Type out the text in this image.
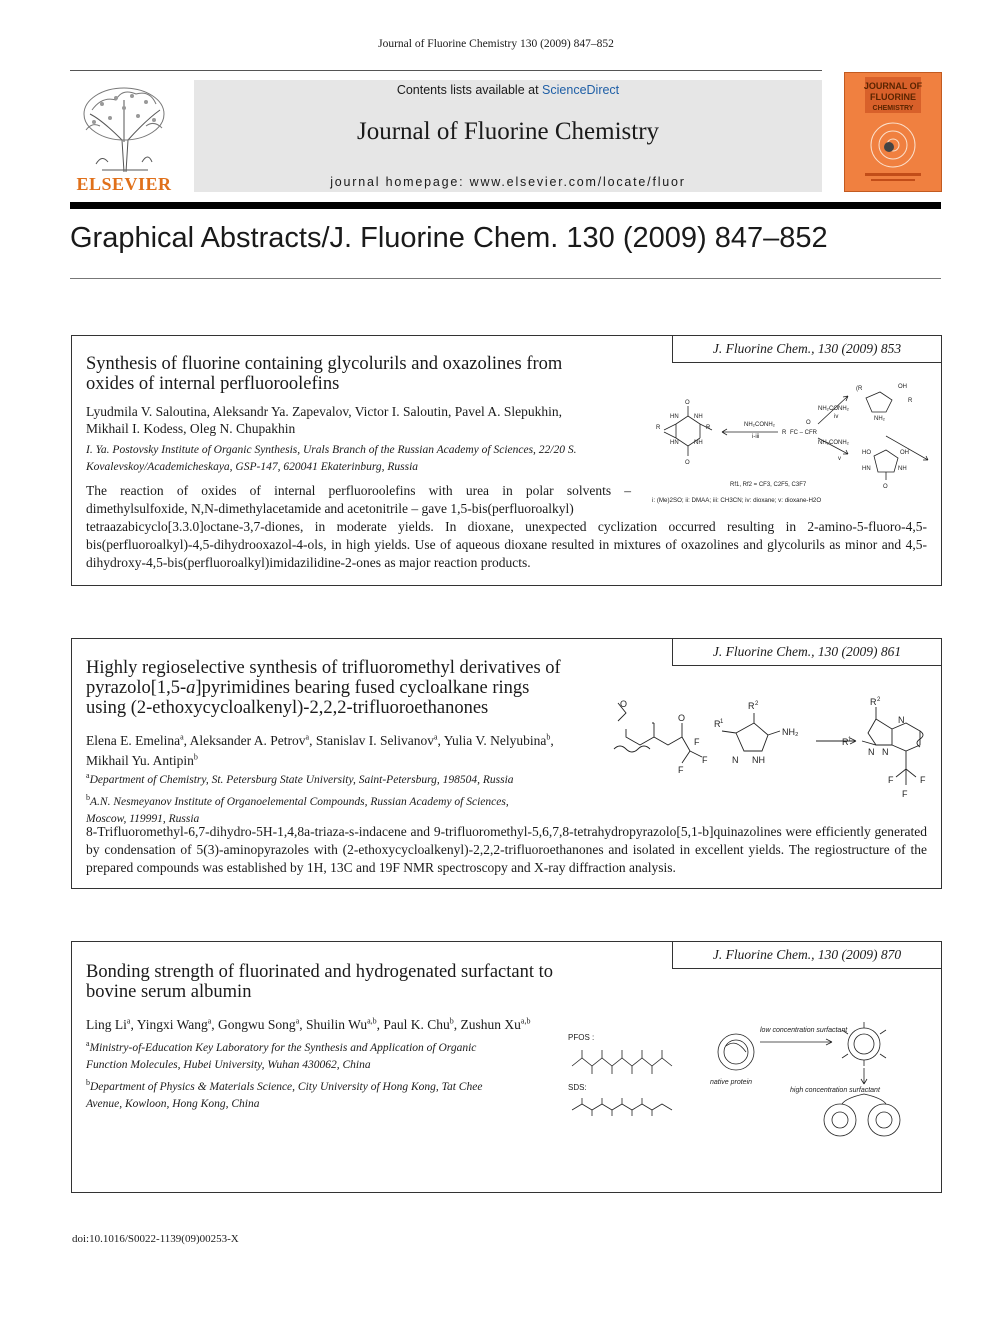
Journal of Fluorine Chemistry 130 (2009) 847–852
ELSEVIER
Contents lists available at ScienceDirect
Journal of Fluorine Chemistry
journal homepage: www.elsevier.com/locate/fluor
JOURNAL OF
FLUORINE
CHEMISTRY
Graphical Abstracts/J. Fluorine Chem. 130 (2009) 847–852
J. Fluorine Chem., 130 (2009) 853
Synthesis of fluorine containing glycolurils and oxazolines from
oxides of internal perfluoroolefins
Lyudmila V. Saloutina, Aleksandr Ya. Zapevalov, Victor I. Saloutin, Pavel A. Slepukhin,
Mikhail I. Kodess, Oleg N. Chupakhin
I. Ya. Postovsky Institute of Organic Synthesis, Urals Branch of the Russian Academy of Sciences, 22/20 S.
Kovalevskoy/Academicheskaya, GSP-147, 620041 Ekaterinburg, Russia
The reaction of oxides of internal perfluoroolefins with urea in polar solvents –
dimethylsulfoxide, N,N-dimethylacetamide and acetonitrile – gave 1,5-bis(perfluoroalkyl)
tetraazabicyclo[3.3.0]octane-3,7-diones, in moderate yields. In dioxane, unexpected cyclization occurred resulting in 2-amino-5-fluoro-4,5-bis(perfluoroalkyl)-4,5-dihydrooxazol-4-ols, in high yields. Use of aqueous dioxane resulted in mixtures of oxazolines and glycolurils as minor and 4,5-dihydroxy-4,5-bis(perfluoroalkyl)imidazilidine-2-ones as major reaction products.
R	R
HN	NH
HN	NH
O
O
NH₂CONH₂
i-iii
R FC – CFR
O
NH₂CONH₂
iv
NH₂CONH₂
v
(R	OH
R
NH₂
HO	OH
HN	NH
O
Rf1, Rf2 = CF3, C2F5, C3F7
i: (Me)2SO; ii: DMAA; iii: CH3CN; iv: dioxane; v: dioxane-H2O
J. Fluorine Chem., 130 (2009) 861
Highly regioselective synthesis of trifluoromethyl derivatives of
pyrazolo[1,5-a]pyrimidines bearing fused cycloalkane rings
using (2-ethoxycycloalkenyl)-2,2,2-trifluoroethanones
Elena E. Emelina$^a$, Aleksander A. Petrov$^a$, Stanislav I. Selivanov$^a$, Yulia V. Nelyubina$^b$,
Mikhail Yu. Antipin$^b$
$^a$Department of Chemistry, St. Petersburg State University, Saint-Petersburg, 198504, Russia
$^b$A.N. Nesmeyanov Institute of Organoelemental Compounds, Russian Academy of Sciences,
Moscow, 119991, Russia
8-Trifluoromethyl-6,7-dihydro-5H-1,4,8a-triaza-s-indacene and 9-trifluoromethyl-5,6,7,8-tetrahydropyrazolo[5,1-b]quinazolines were efficiently generated by condensation of 5(3)-aminopyrazoles with (2-ethoxycycloalkenyl)-2,2,2-trifluoroethanones and isolated in excellent yields. The regiostructure of the prepared compounds was established by 1H, 13C and 19F NMR spectroscopy and X-ray diffraction analysis.
O
O
F
F
F
R 1
R 2
NH₂
N NH
R 1
R 2
N
N
N
F	F
F
J. Fluorine Chem., 130 (2009) 870
Bonding strength of fluorinated and hydrogenated surfactant to
bovine serum albumin
Ling Li$^a$, Yingxi Wang$^a$, Gongwu Song$^a$, Shuilin Wu$^{a,b}$, Paul K. Chu$^b$, Zushun Xu$^{a,b}$
$^a$Ministry-of-Education Key Laboratory for the Synthesis and Application of Organic
Function Molecules, Hubei University, Wuhan 430062, China
$^b$Department of Physics & Materials Science, City University of Hong Kong, Tat Chee
Avenue, Kowloon, Hong Kong, China
PFOS :
SDS:
low concentration surfactant
native protein
high concentration surfactant
doi:10.1016/S0022-1139(09)00253-X
